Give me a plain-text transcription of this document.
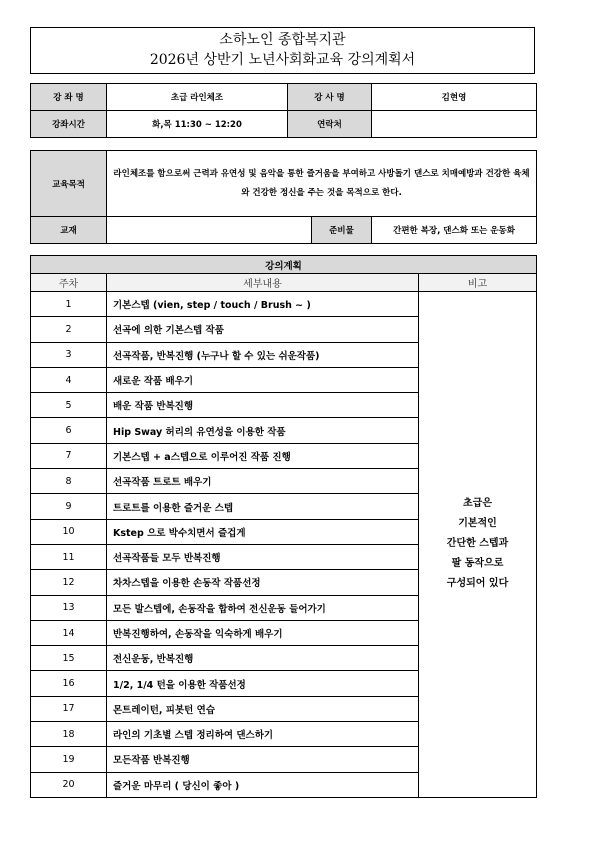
소하노인 종합복지관
2026년 상반기 노년사회화교육 강의계획서
강 좌 명	초급 라인체조	강 사 명	김현영
강좌시간	화,목 11:30 ~ 12:20	연락처	
교육목적	라인체조를 함으로써 근력과 유연성 및 음악을 통한 즐거움을 부여하고 사방돌기 댄스로 치매예방과 건강한 육체와 건강한 정신을 주는 것을 목적으로 한다.		
교재		준비물	간편한 복장, 댄스화 또는 운동화
강의계획		
주차	세부내용	비고
1	기본스텝 (vien, step / touch / Brush ~ )	초급은
기본적인
간단한 스텝과
팔 동작으로
구성되어 있다
2	선곡에 의한 기본스텝 작품	
3	선곡작품, 반복진행 (누구나 할 수 있는 쉬운작품)	
4	새로운 작품 배우기	
5	배운 작품 반복진행	
6	Hip Sway 허리의 유연성을 이용한 작품	
7	기본스텝 + a스텝으로 이루어진 작품 진행	
8	선곡작품 트로트 배우기	
9	트로트를 이용한 즐거운 스텝	
10	Kstep 으로 박수치면서 즐겁게	
11	선곡작품들 모두 반복진행	
12	차차스텝을 이용한 손동작 작품선정	
13	모든 발스텝에, 손동작을 합하여 전신운동 들어가기	
14	반복진행하여, 손동작을 익숙하게 배우기	
15	전신운동, 반복진행	
16	1/2, 1/4 턴을 이용한 작품선정	
17	몬트레이턴, 피봇턴 연습	
18	라인의 기초별 스텝 정리하여 댄스하기	
19	모든작품 반복진행	
20	즐거운 마무리 ( 당신이 좋아 )	
